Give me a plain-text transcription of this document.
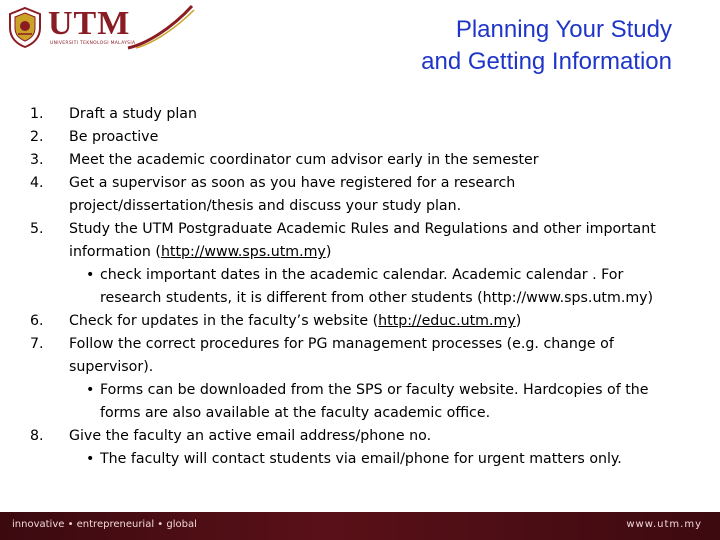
UTM
UNIVERSITI TEKNOLOGI MALAYSIA
Planning Your Study
and Getting Information
1.	Draft a study plan
2.	Be proactive
3.	Meet the academic coordinator cum advisor early in the semester
4.	Get a supervisor as soon as you have registered for a research
project/dissertation/thesis and discuss your study plan.
5.	Study the UTM Postgraduate Academic Rules and Regulations and other important
information (http://www.sps.utm.my)
• check important dates in the academic calendar. Academic calendar . For
research students, it is different from other students (http://www.sps.utm.my)
6.	Check for updates in the faculty’s website (http://educ.utm.my)
7.	Follow the correct procedures for PG management processes (e.g. change of
supervisor).
• Forms can be downloaded from the SPS or faculty website. Hardcopies of the
forms are also available at the faculty academic office.
8.	Give the faculty an active email address/phone no.
• The faculty will contact students via email/phone for urgent matters only.
innovative • entrepreneurial • global	www.utm.my
